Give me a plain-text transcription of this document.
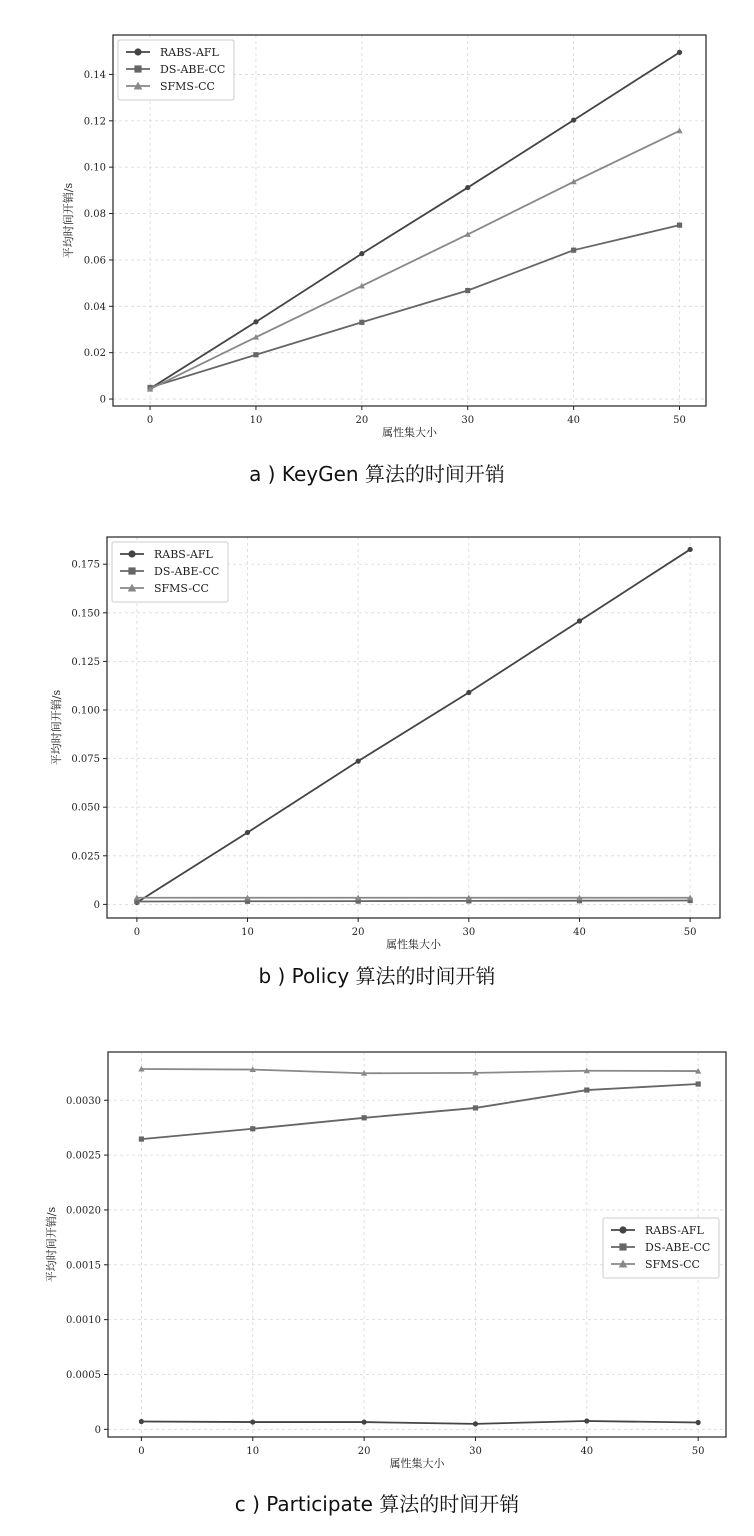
0	10	20	30	40	50
0
0.02
0.04
0.06
0.08
0.10
0.12
0.14
属性集大小
平均时间开销/s
RABS-AFL
DS-ABE-CC
SFMS-CC
a ) KeyGen 算法的时间开销
0	10	20	30	40	50
0
0.025
0.050
0.075
0.100
0.125
0.150
0.175
属性集大小
平均时间开销/s
RABS-AFL
DS-ABE-CC
SFMS-CC
b ) Policy 算法的时间开销
0	10	20	30	40	50
0
0.0005
0.0010
0.0015
0.0020
0.0025
0.0030
属性集大小
平均时间开销/s	RABS-AFL
DS-ABE-CC
SFMS-CC
c ) Participate 算法的时间开销
